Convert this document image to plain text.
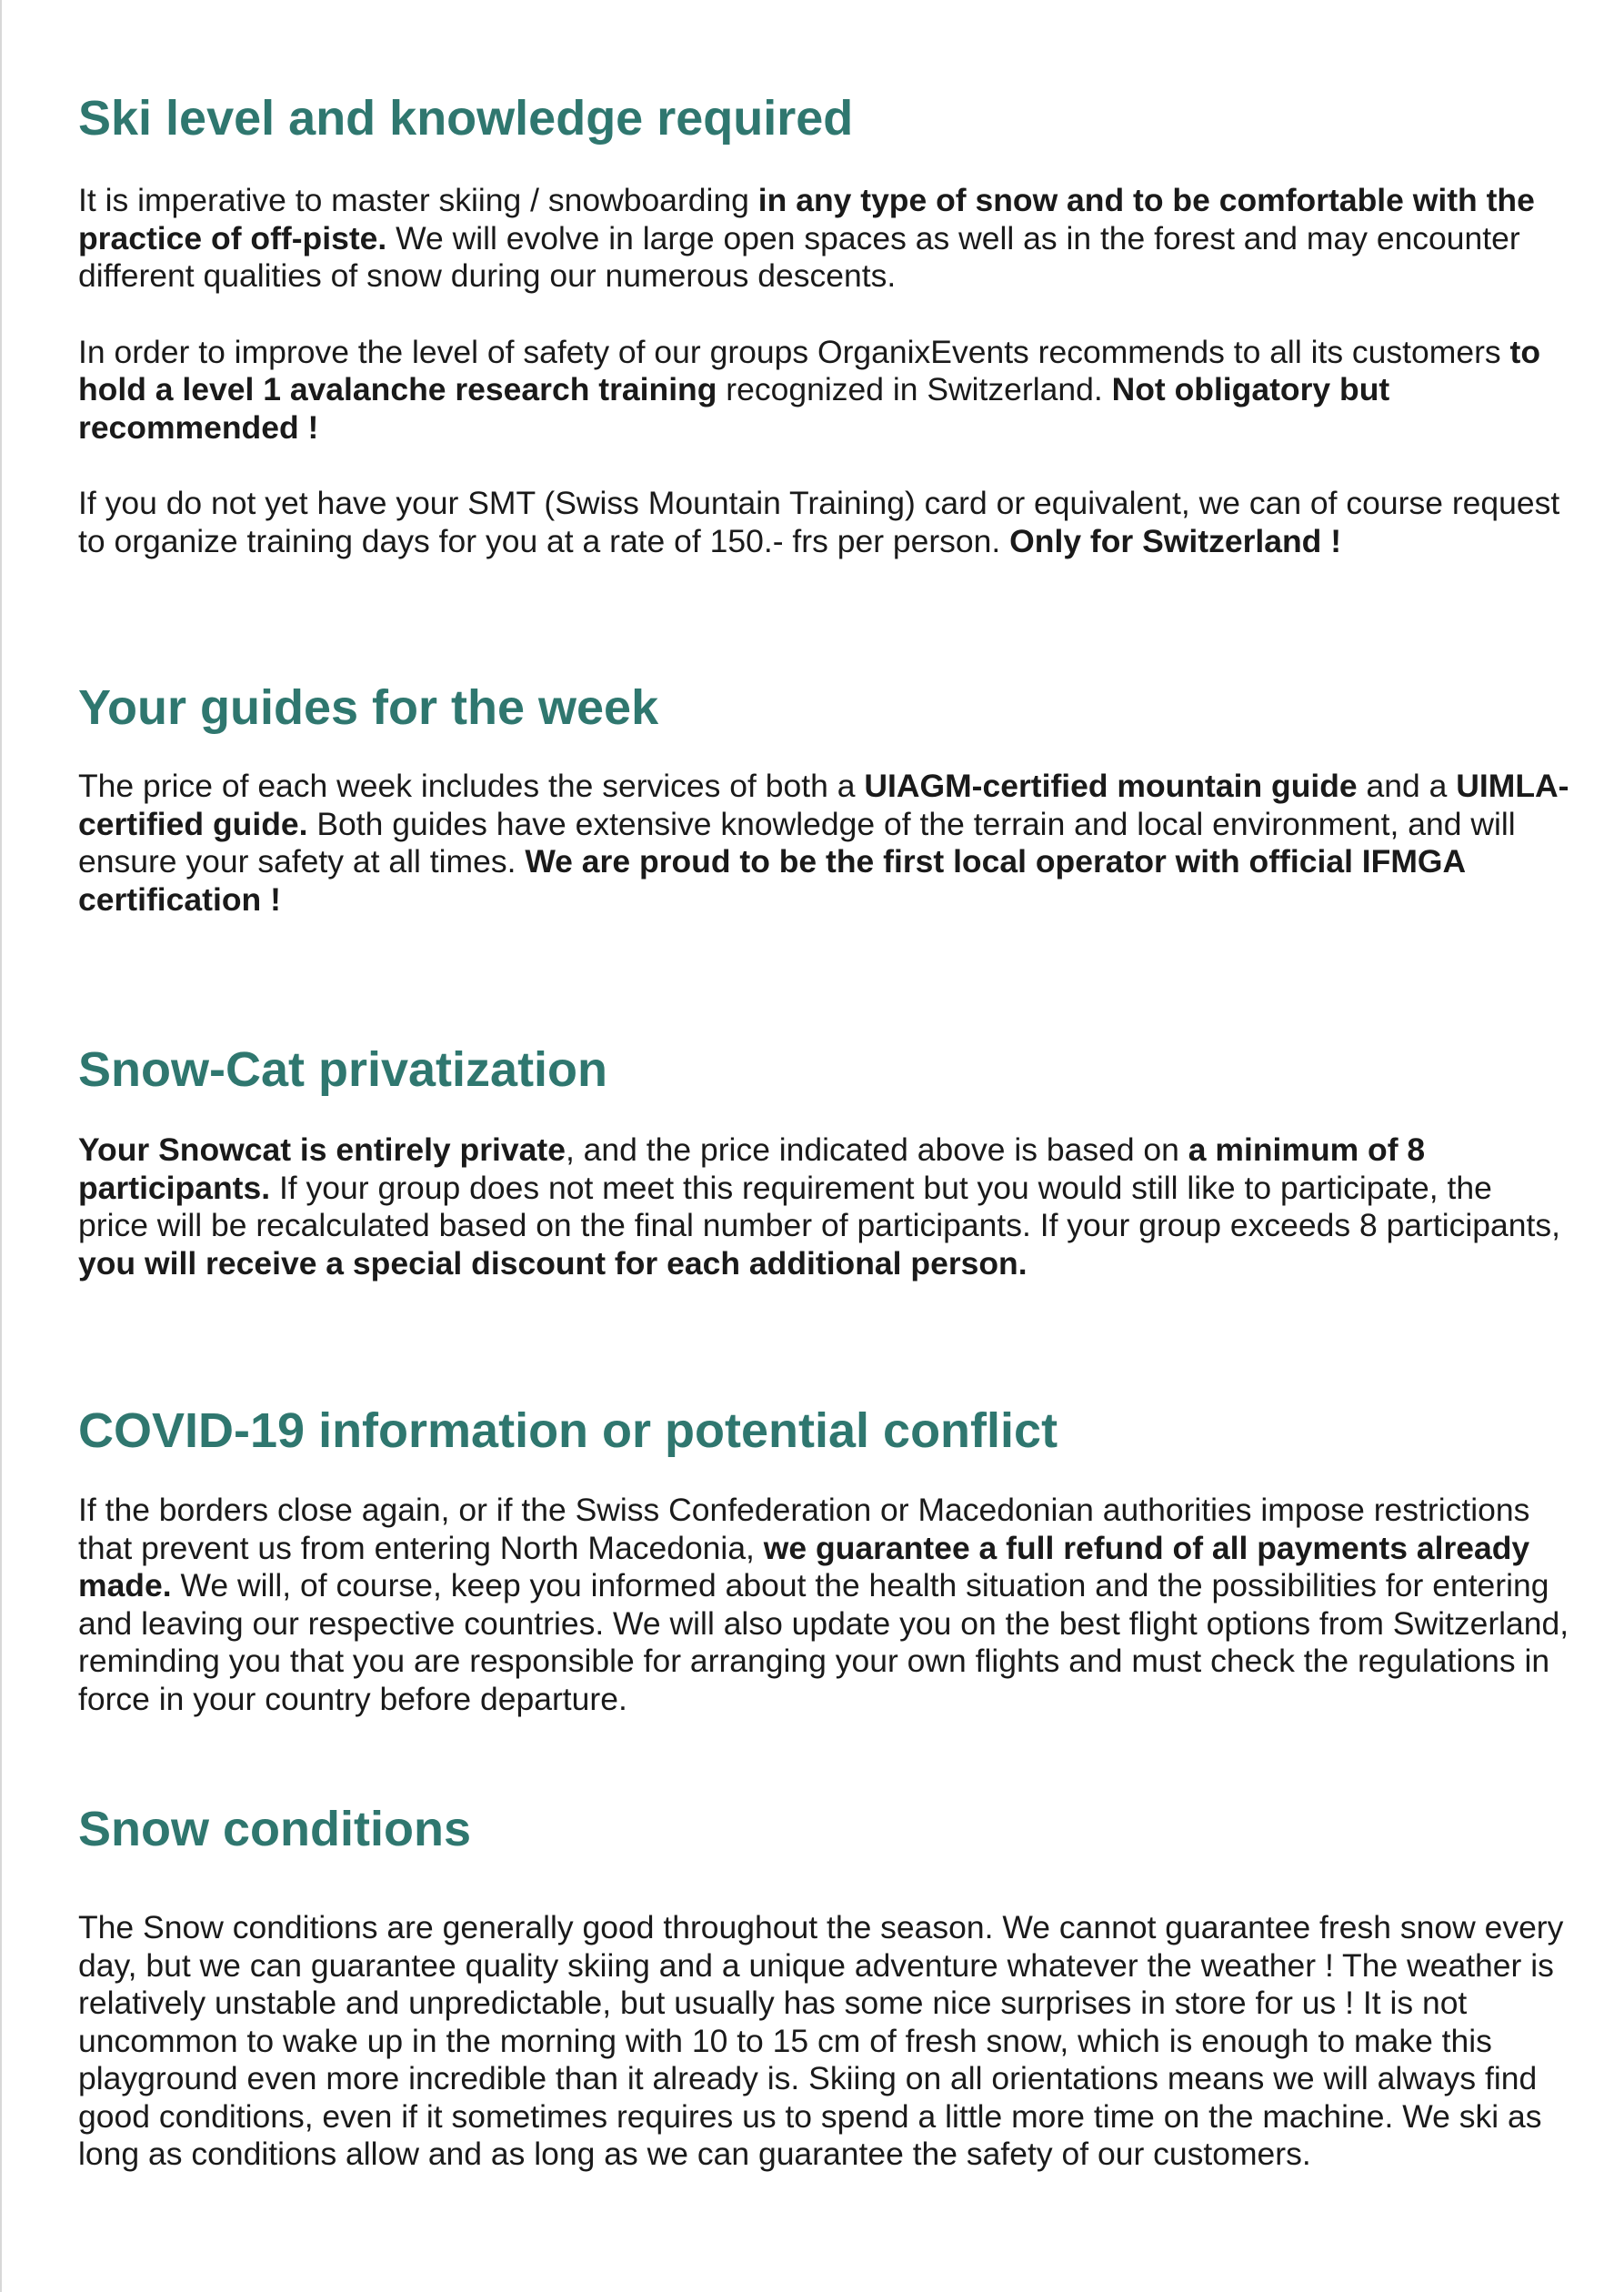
Ski level and knowledge required

It is imperative to master skiing / snowboarding in any type of snow and to be comfortable with the practice of off-piste. We will evolve in large open spaces as well as in the forest and may encounter different qualities of snow during our numerous descents.

In order to improve the level of safety of our groups OrganixEvents recommends to all its customers to hold a level 1 avalanche research training recognized in Switzerland. Not obligatory but recommended !

If you do not yet have your SMT (Swiss Mountain Training) card or equivalent, we can of course request to organize training days for you at a rate of 150.- frs per person. Only for Switzerland !

Your guides for the week

The price of each week includes the services of both a UIAGM-certified mountain guide and a UIMLA-certified guide. Both guides have extensive knowledge of the terrain and local environment, and will ensure your safety at all times. We are proud to be the first local operator with official IFMGA certification !

Snow-Cat privatization

Your Snowcat is entirely private, and the price indicated above is based on a minimum of 8 participants. If your group does not meet this requirement but you would still like to participate, the price will be recalculated based on the final number of participants. If your group exceeds 8 participants, you will receive a special discount for each additional person.

COVID-19 information or potential conflict

If the borders close again, or if the Swiss Confederation or Macedonian authorities impose restrictions that prevent us from entering North Macedonia, we guarantee a full refund of all payments already made. We will, of course, keep you informed about the health situation and the possibilities for entering and leaving our respective countries. We will also update you on the best flight options from Switzerland, reminding you that you are responsible for arranging your own flights and must check the regulations in force in your country before departure.

Snow conditions

The Snow conditions are generally good throughout the season. We cannot guarantee fresh snow every day, but we can guarantee quality skiing and a unique adventure whatever the weather ! The weather is relatively unstable and unpredictable, but usually has some nice surprises in store for us ! It is not uncommon to wake up in the morning with 10 to 15 cm of fresh snow, which is enough to make this playground even more incredible than it already is. Skiing on all orientations means we will always find good conditions, even if it sometimes requires us to spend a little more time on the machine. We ski as long as conditions allow and as long as we can guarantee the safety of our customers.
